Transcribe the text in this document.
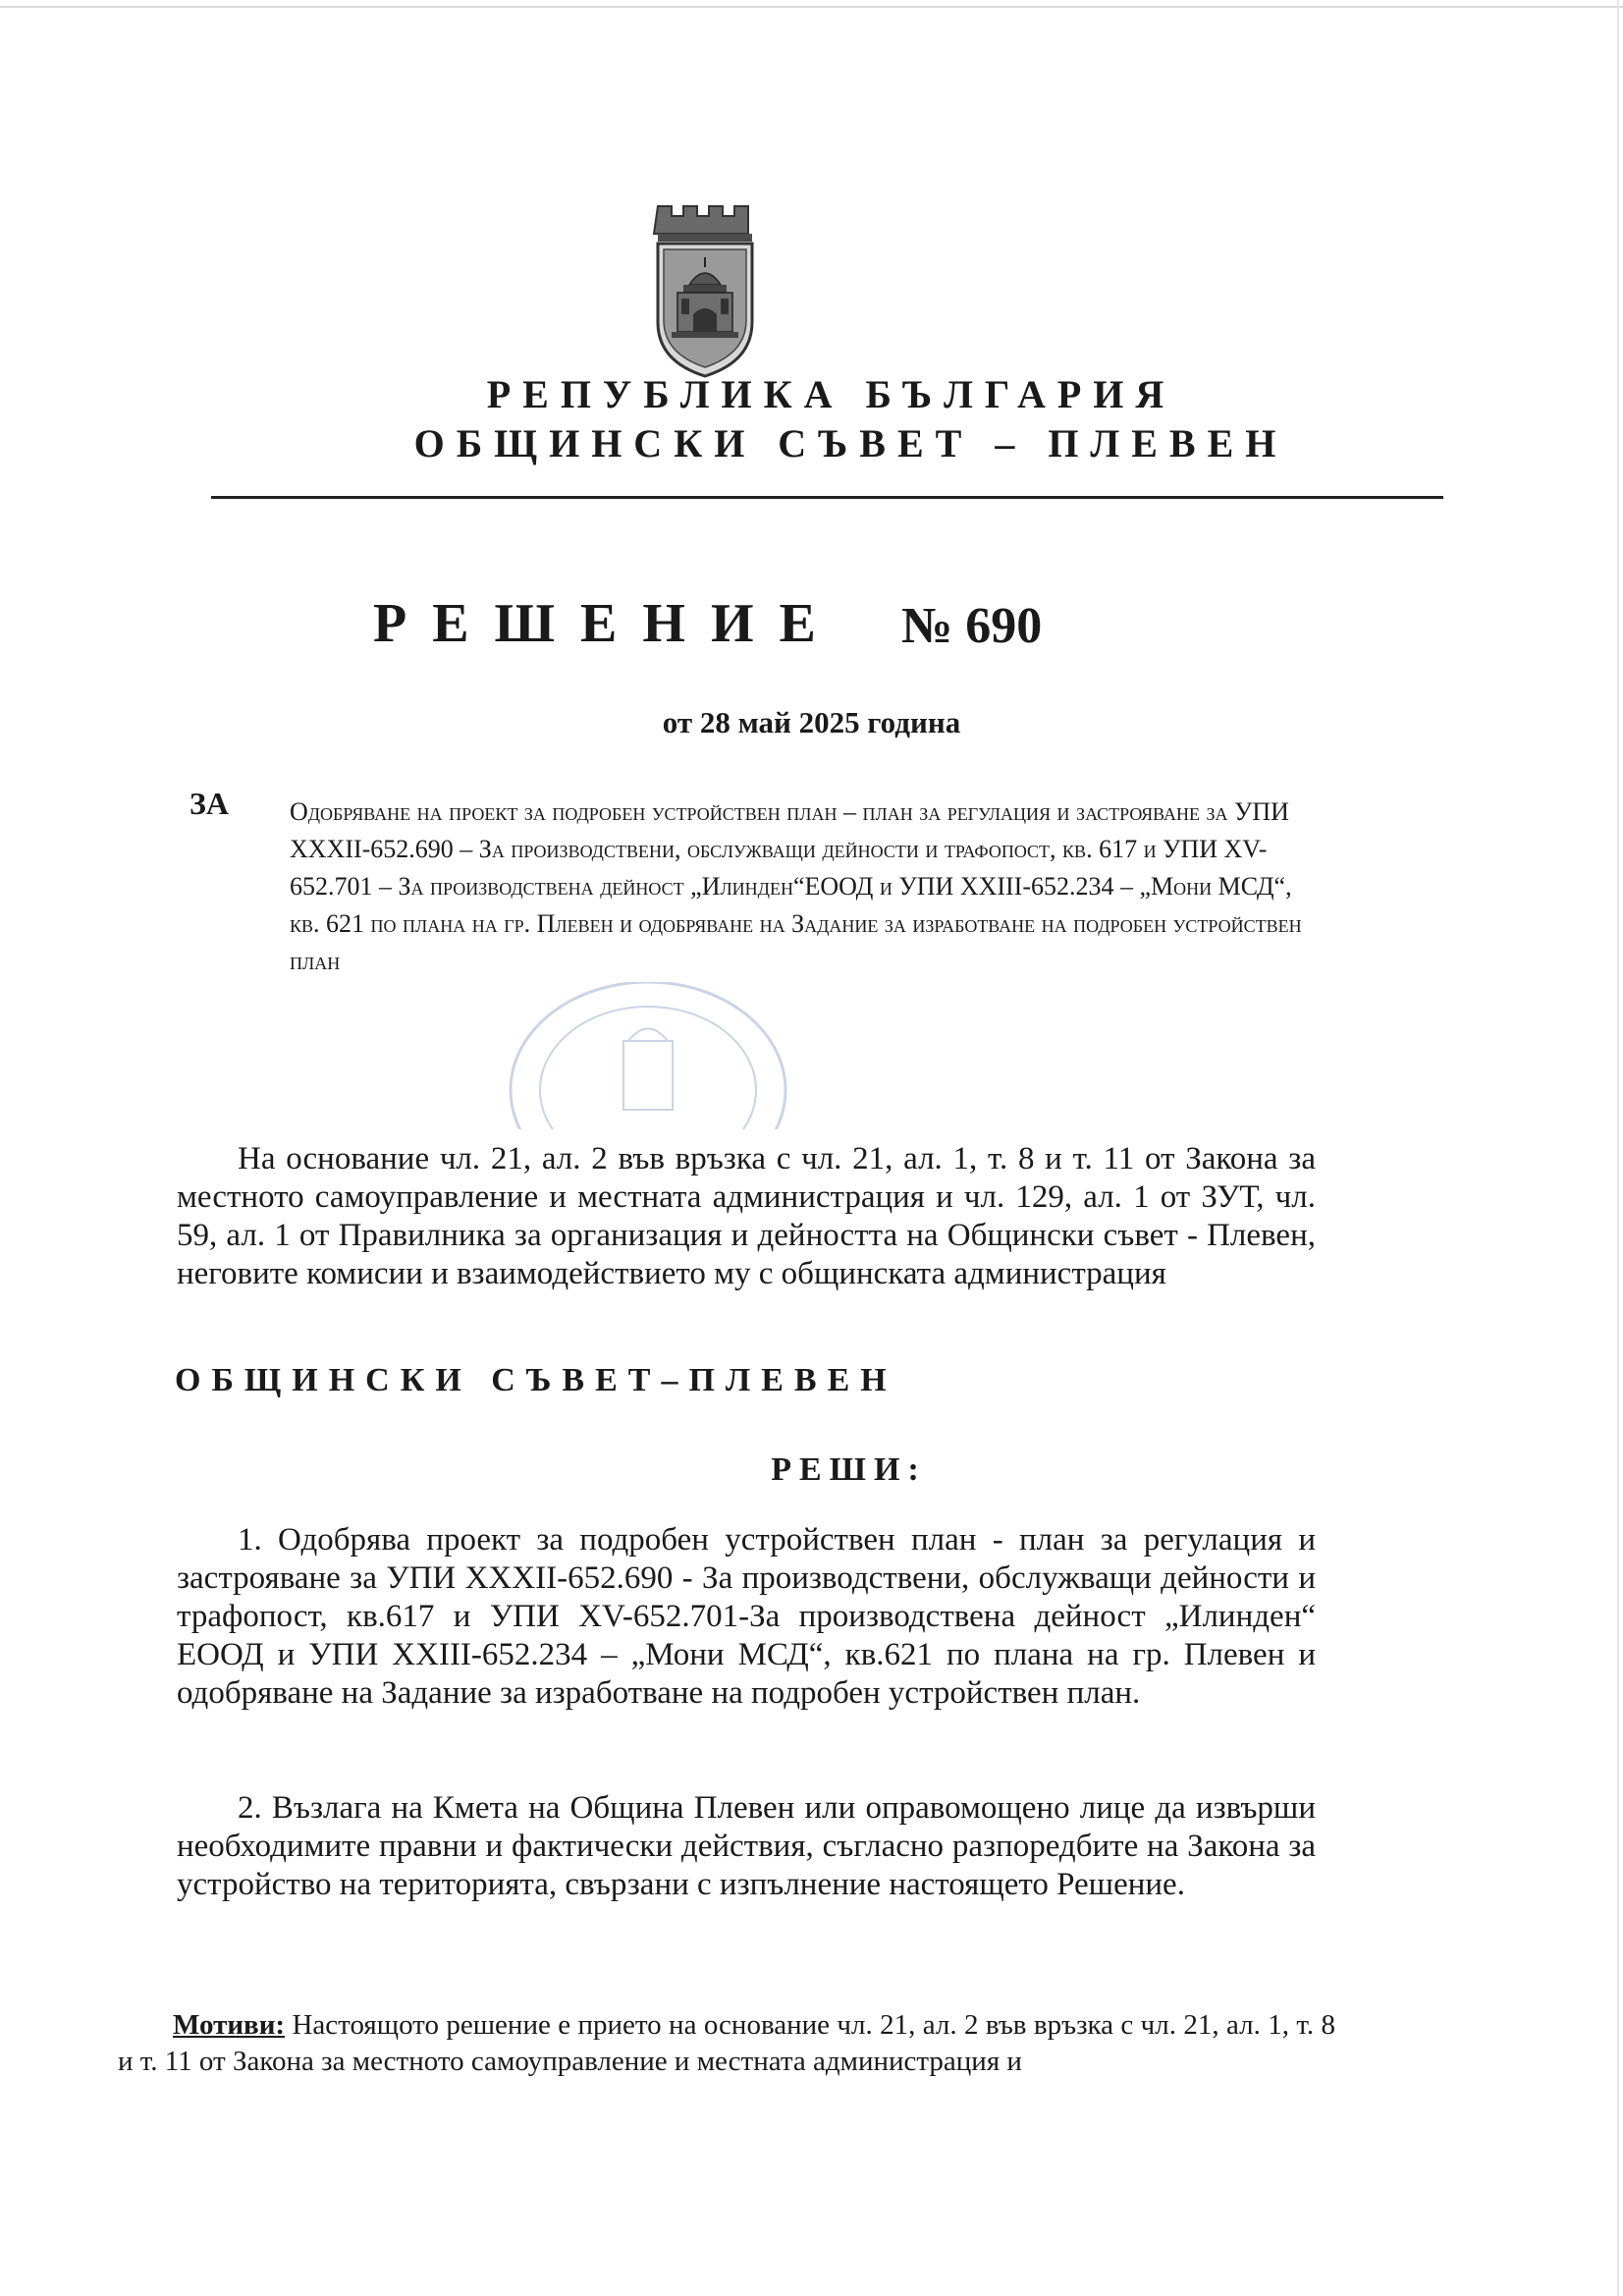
РЕПУБЛИКА БЪЛГАРИЯ
ОБЩИНСКИ СЪВЕТ – ПЛЕВЕН
РЕШЕНИЕ № 690
от 28 май 2025 година
ЗА Одобряване на проект за подробен устройствен план – план за регулация и застрояване за УПИ XXXII-652.690 – За производствени, обслужващи дейности и трафопост, кв. 617 и УПИ XV-652.701 – За производствена дейност „Илинден“ЕООД и УПИ XXIII-652.234 – „Мони МСД“, кв. 621 по плана на гр. Плевен и одобряване на Задание за изработване на подробен устройствен план
На основание чл. 21, ал. 2 във връзка с чл. 21, ал. 1, т. 8 и т. 11 от Закона за местното самоуправление и местната администрация и чл. 129, ал. 1 от ЗУТ, чл. 59, ал. 1 от Правилника за организация и дейността на Общински съвет - Плевен, неговите комисии и взаимодействието му с общинската администрация
ОБЩИНСКИ СЪВЕТ–ПЛЕВЕН
РЕШИ:
1. Одобрява проект за подробен устройствен план - план за регулация и застрояване за УПИ XXXII-652.690 - За производствени, обслужващи дейности и трафопост, кв.617 и УПИ XV-652.701-За производствена дейност „Илинден“ ЕООД и УПИ XXIII-652.234 – „Мони МСД“, кв.621 по плана на гр. Плевен и одобряване на Задание за изработване на подробен устройствен план.
2. Възлага на Кмета на Община Плевен или оправомощено лице да извърши необходимите правни и фактически действия, съгласно разпоредбите на Закона за устройство на територията, свързани с изпълнение настоящето Решение.
Мотиви: Настоящото решение е прието на основание чл. 21, ал. 2 във връзка с чл. 21, ал. 1, т. 8 и т. 11 от Закона за местното самоуправление и местната администрация и
